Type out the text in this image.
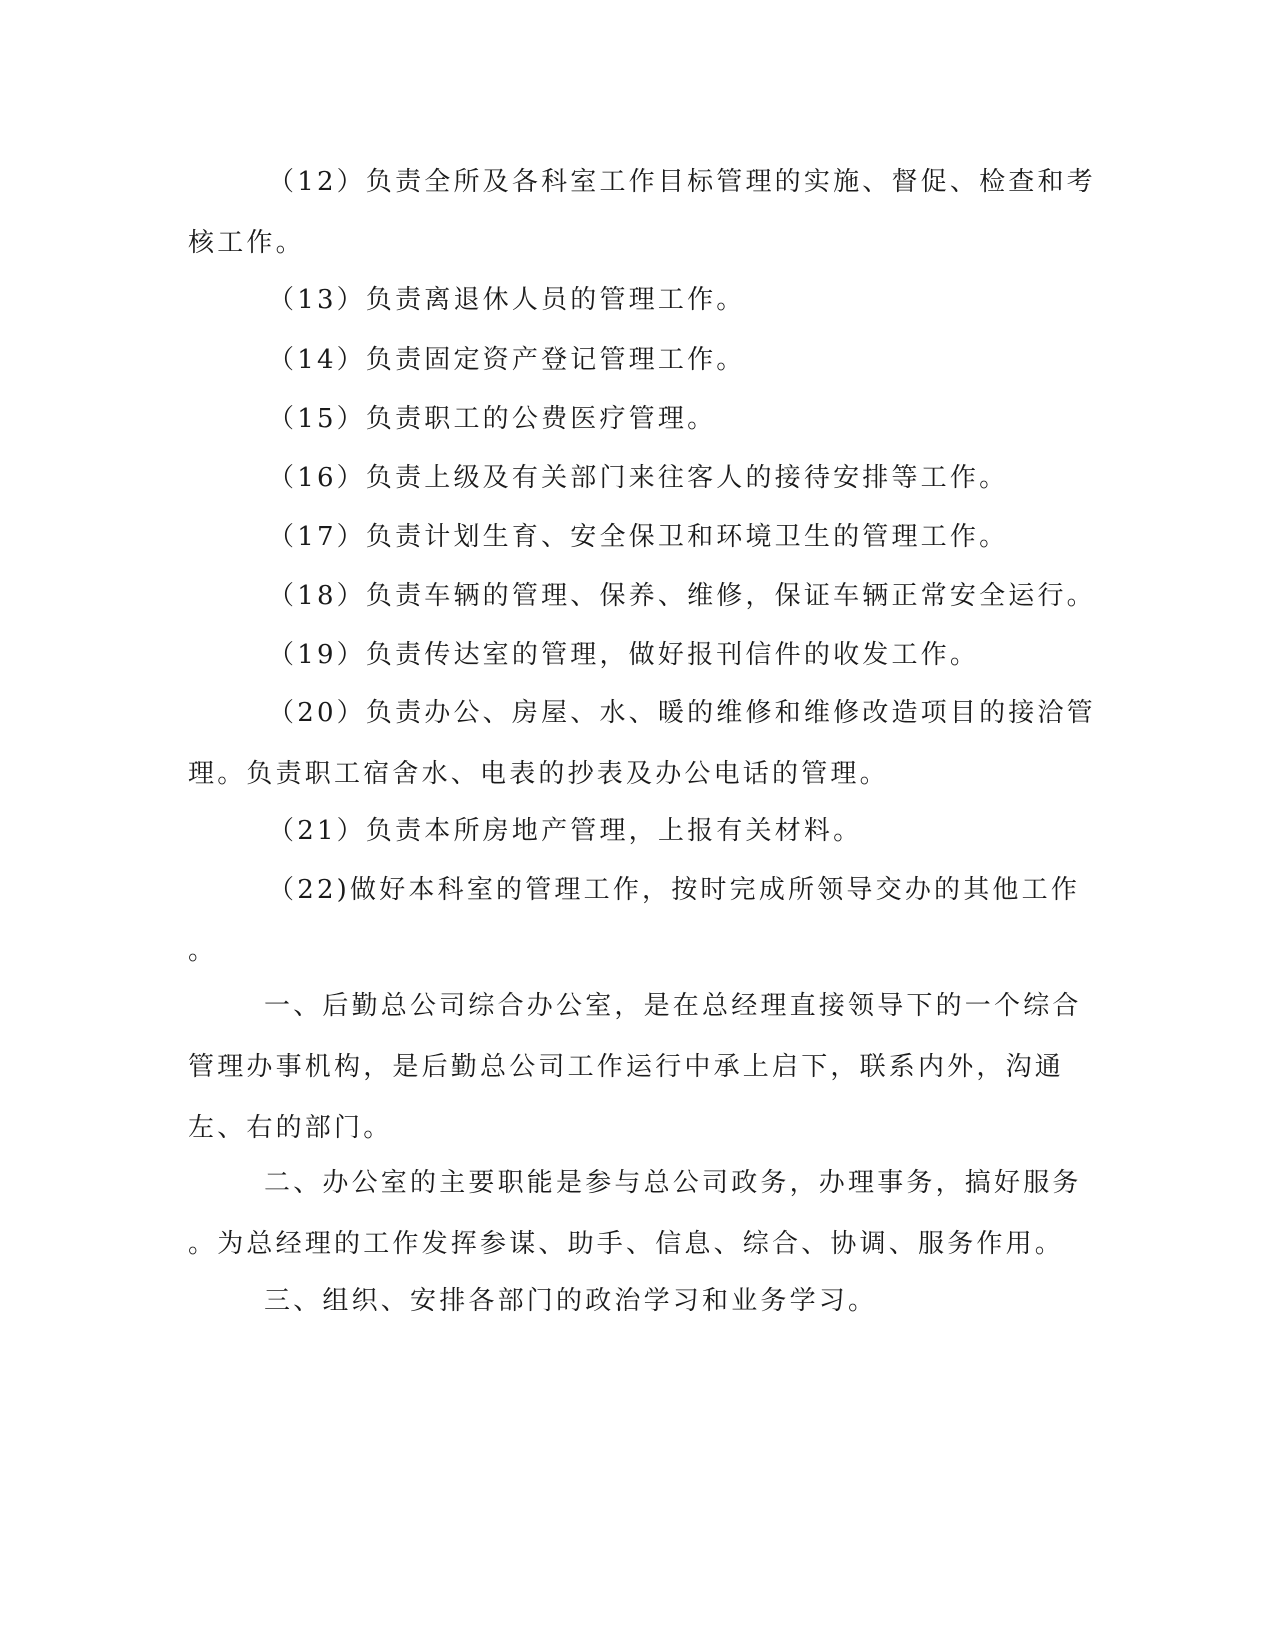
（12）负责全所及各科室工作目标管理的实施、督促、检查和考
核工作。

（13）负责离退休人员的管理工作。

（14）负责固定资产登记管理工作。

（15）负责职工的公费医疗管理。

（16）负责上级及有关部门来往客人的接待安排等工作。

（17）负责计划生育、安全保卫和环境卫生的管理工作。

（18）负责车辆的管理、保养、维修，保证车辆正常安全运行。

（19）负责传达室的管理，做好报刊信件的收发工作。

（20）负责办公、房屋、水、暖的维修和维修改造项目的接洽管
理。负责职工宿舍水、电表的抄表及办公电话的管理。

（21）负责本所房地产管理，上报有关材料。

（22)做好本科室的管理工作，按时完成所领导交办的其他工作
。

一、后勤总公司综合办公室，是在总经理直接领导下的一个综合
管理办事机构，是后勤总公司工作运行中承上启下，联系内外，沟通
左、右的部门。

二、办公室的主要职能是参与总公司政务，办理事务，搞好服务
。为总经理的工作发挥参谋、助手、信息、综合、协调、服务作用。

三、组织、安排各部门的政治学习和业务学习。
